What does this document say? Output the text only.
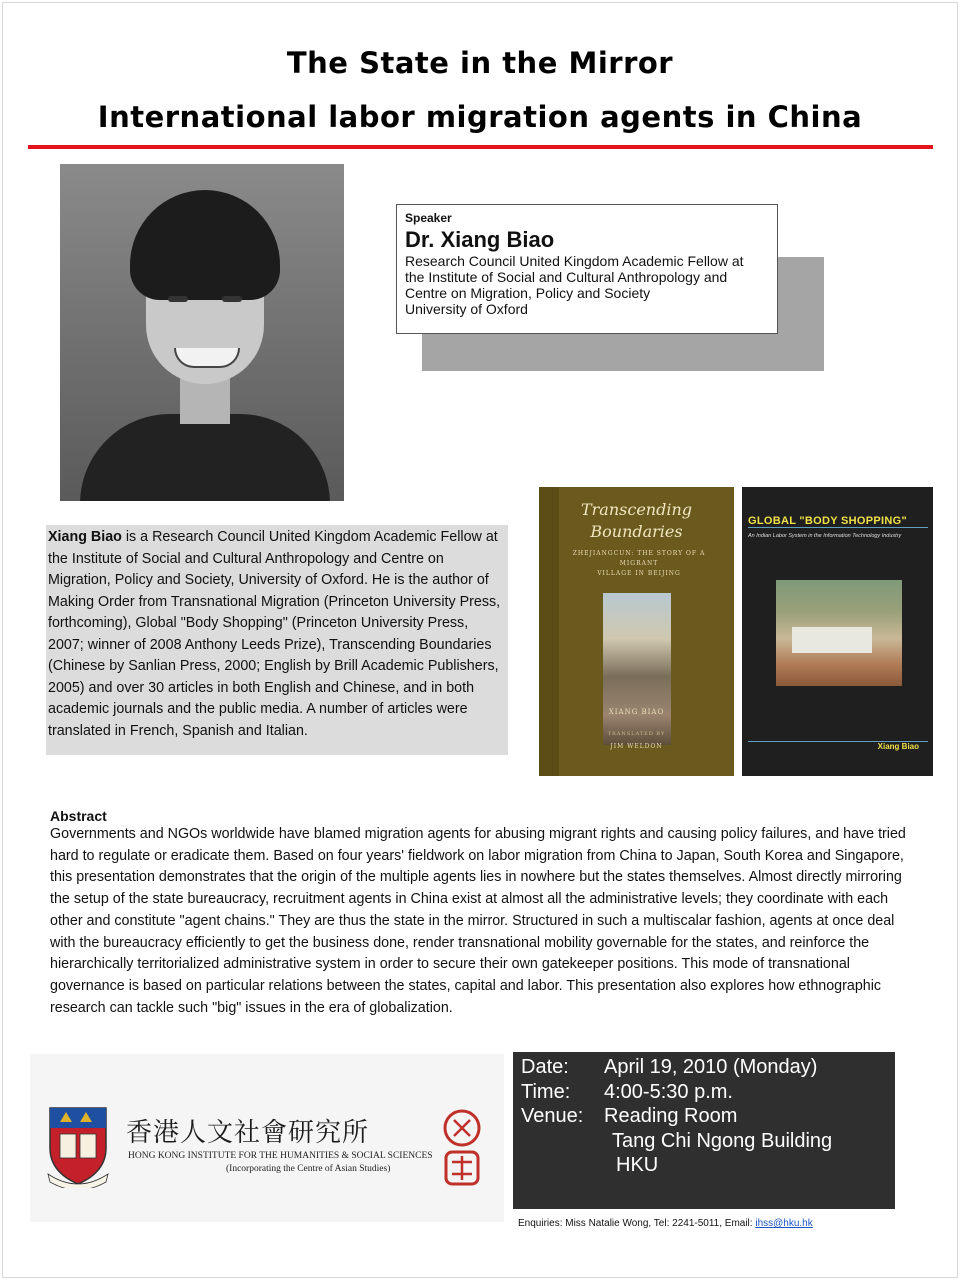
The State in the Mirror
International labor migration agents in China
Speaker
Dr. Xiang Biao
Research Council United Kingdom Academic Fellow at
the Institute of Social and Cultural Anthropology and
Centre on Migration, Policy and Society
University of Oxford
Xiang Biao is a Research Council United Kingdom Academic Fellow at the Institute of Social and Cultural Anthropology and Centre on Migration, Policy and Society, University of Oxford. He is the author of Making Order from Transnational Migration (Princeton University Press, forthcoming), Global "Body Shopping" (Princeton University Press, 2007; winner of 2008 Anthony Leeds Prize), Transcending Boundaries (Chinese by Sanlian Press, 2000; English by Brill Academic Publishers, 2005) and over 30 articles in both English and Chinese, and in both academic journals and the public media. A number of articles were translated in French, Spanish and Italian.
Transcending
Boundaries
ZHEJIANGCUN: THE STORY OF A MIGRANT
VILLAGE IN BEIJING
XIANG BIAO
TRANSLATED BY
JIM WELDON
GLOBAL "BODY SHOPPING"
An Indian Labor System in the Information Technology Industry
Xiang Biao
Abstract
Governments and NGOs worldwide have blamed migration agents for abusing migrant rights and causing policy failures, and have tried hard to regulate or eradicate them. Based on four years' fieldwork on labor migration from China to Japan, South Korea and Singapore, this presentation demonstrates that the origin of the multiple agents lies in nowhere but the states themselves. Almost directly mirroring the setup of the state bureaucracy, recruitment agents in China exist at almost all the administrative levels; they coordinate with each other and constitute "agent chains." They are thus the state in the mirror. Structured in such a multiscalar fashion, agents at once deal with the bureaucracy efficiently to get the business done, render transnational mobility governable for the states, and reinforce the hierarchically territorialized administrative system in order to secure their own gatekeeper positions. This mode of transnational governance is based on particular relations between the states, capital and labor. This presentation also explores how ethnographic research can tackle such "big" issues in the era of globalization.
香港人文社會研究所
HONG KONG INSTITUTE FOR THE HUMANITIES & SOCIAL SCIENCES
(Incorporating the Centre of Asian Studies)
Date:	April 19, 2010 (Monday)
Time:	4:00-5:30 p.m.
Venue:	Reading Room
Tang Chi Ngong Building
HKU
Enquiries: Miss Natalie Wong, Tel: 2241-5011, Email: ihss@hku.hk
